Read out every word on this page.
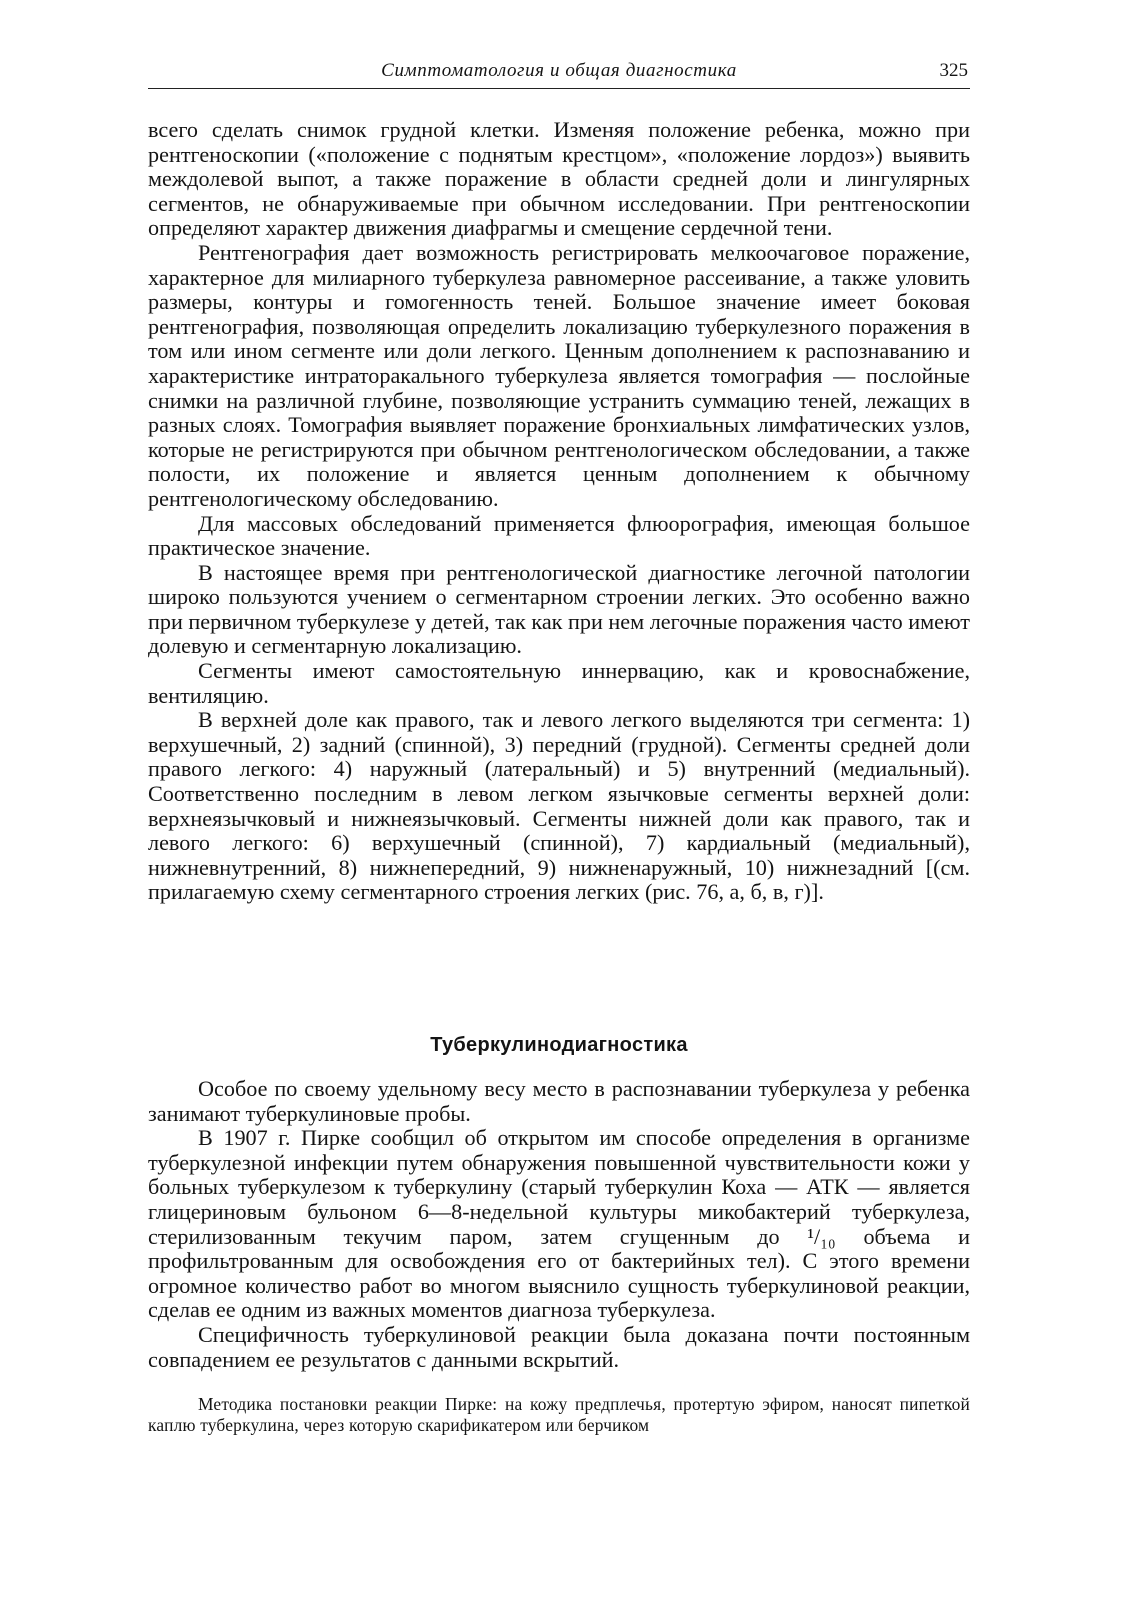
Симптоматология и общая диагностика	325

всего сделать снимок грудной клетки. Изменяя положение ребенка, можно при рентгеноскопии («положение с поднятым крестцом», «положение лордоз») выявить междолевой выпот, а также поражение в области средней доли и лингулярных сегментов, не обнаруживаемые при обычном исследовании. При рентгеноскопии определяют характер движения диафрагмы и смещение сердечной тени.

Рентгенография дает возможность регистрировать мелкоочаговое поражение, характерное для милиарного туберкулеза равномерное рассеивание, а также уловить размеры, контуры и гомогенность теней. Большое значение имеет боковая рентгенография, позволяющая определить локализацию туберкулезного поражения в том или ином сегменте или доли легкого. Ценным дополнением к распознаванию и характеристике интраторакального туберкулеза является томография — послойные снимки на различной глубине, позволяющие устранить суммацию теней, лежащих в разных слоях. Томография выявляет поражение бронхиальных лимфатических узлов, которые не регистрируются при обычном рентгенологическом обследовании, а также полости, их положение и является ценным дополнением к обычному рентгенологическому обследованию.

Для массовых обследований применяется флюорография, имеющая большое практическое значение.

В настоящее время при рентгенологической диагностике легочной патологии широко пользуются учением о сегментарном строении легких. Это особенно важно при первичном туберкулезе у детей, так как при нем легочные поражения часто имеют долевую и сегментарную локализацию.

Сегменты имеют самостоятельную иннервацию, как и кровоснабжение, вентиляцию.

В верхней доле как правого, так и левого легкого выделяются три сегмента: 1) верхушечный, 2) задний (спинной), 3) передний (грудной). Сегменты средней доли правого легкого: 4) наружный (латеральный) и 5) внутренний (медиальный). Соответственно последним в левом легком язычковые сегменты верхней доли: верхнеязычковый и нижнеязычковый. Сегменты нижней доли как правого, так и левого легкого: 6) верхушечный (спинной), 7) кардиальный (медиальный), нижневнутренний, 8) нижнепередний, 9) нижненаружный, 10) нижнезадний [(см. прилагаемую схему сегментарного строения легких (рис. 76, а, б, в, г)].

Туберкулинодиагностика

Особое по своему удельному весу место в распознавании туберкулеза у ребенка занимают туберкулиновые пробы.

В 1907 г. Пирке сообщил об открытом им способе определения в организме туберкулезной инфекции путем обнаружения повышенной чувствительности кожи у больных туберкулезом к туберкулину (старый туберкулин Коха — АТК — является глицериновым бульоном 6—8-недельной культуры микобактерий туберкулеза, стерилизованным текучим паром, затем сгущенным до ¹/₁₀ объема и профильтрованным для освобождения его от бактерийных тел). С этого времени огромное количество работ во многом выяснило сущность туберкулиновой реакции, сделав ее одним из важных моментов диагноза туберкулеза.

Специфичность туберкулиновой реакции была доказана почти постоянным совпадением ее результатов с данными вскрытий.

Методика постановки реакции Пирке: на кожу предплечья, протертую эфиром, наносят пипеткой каплю туберкулина, через которую скарификатером или берчиком
